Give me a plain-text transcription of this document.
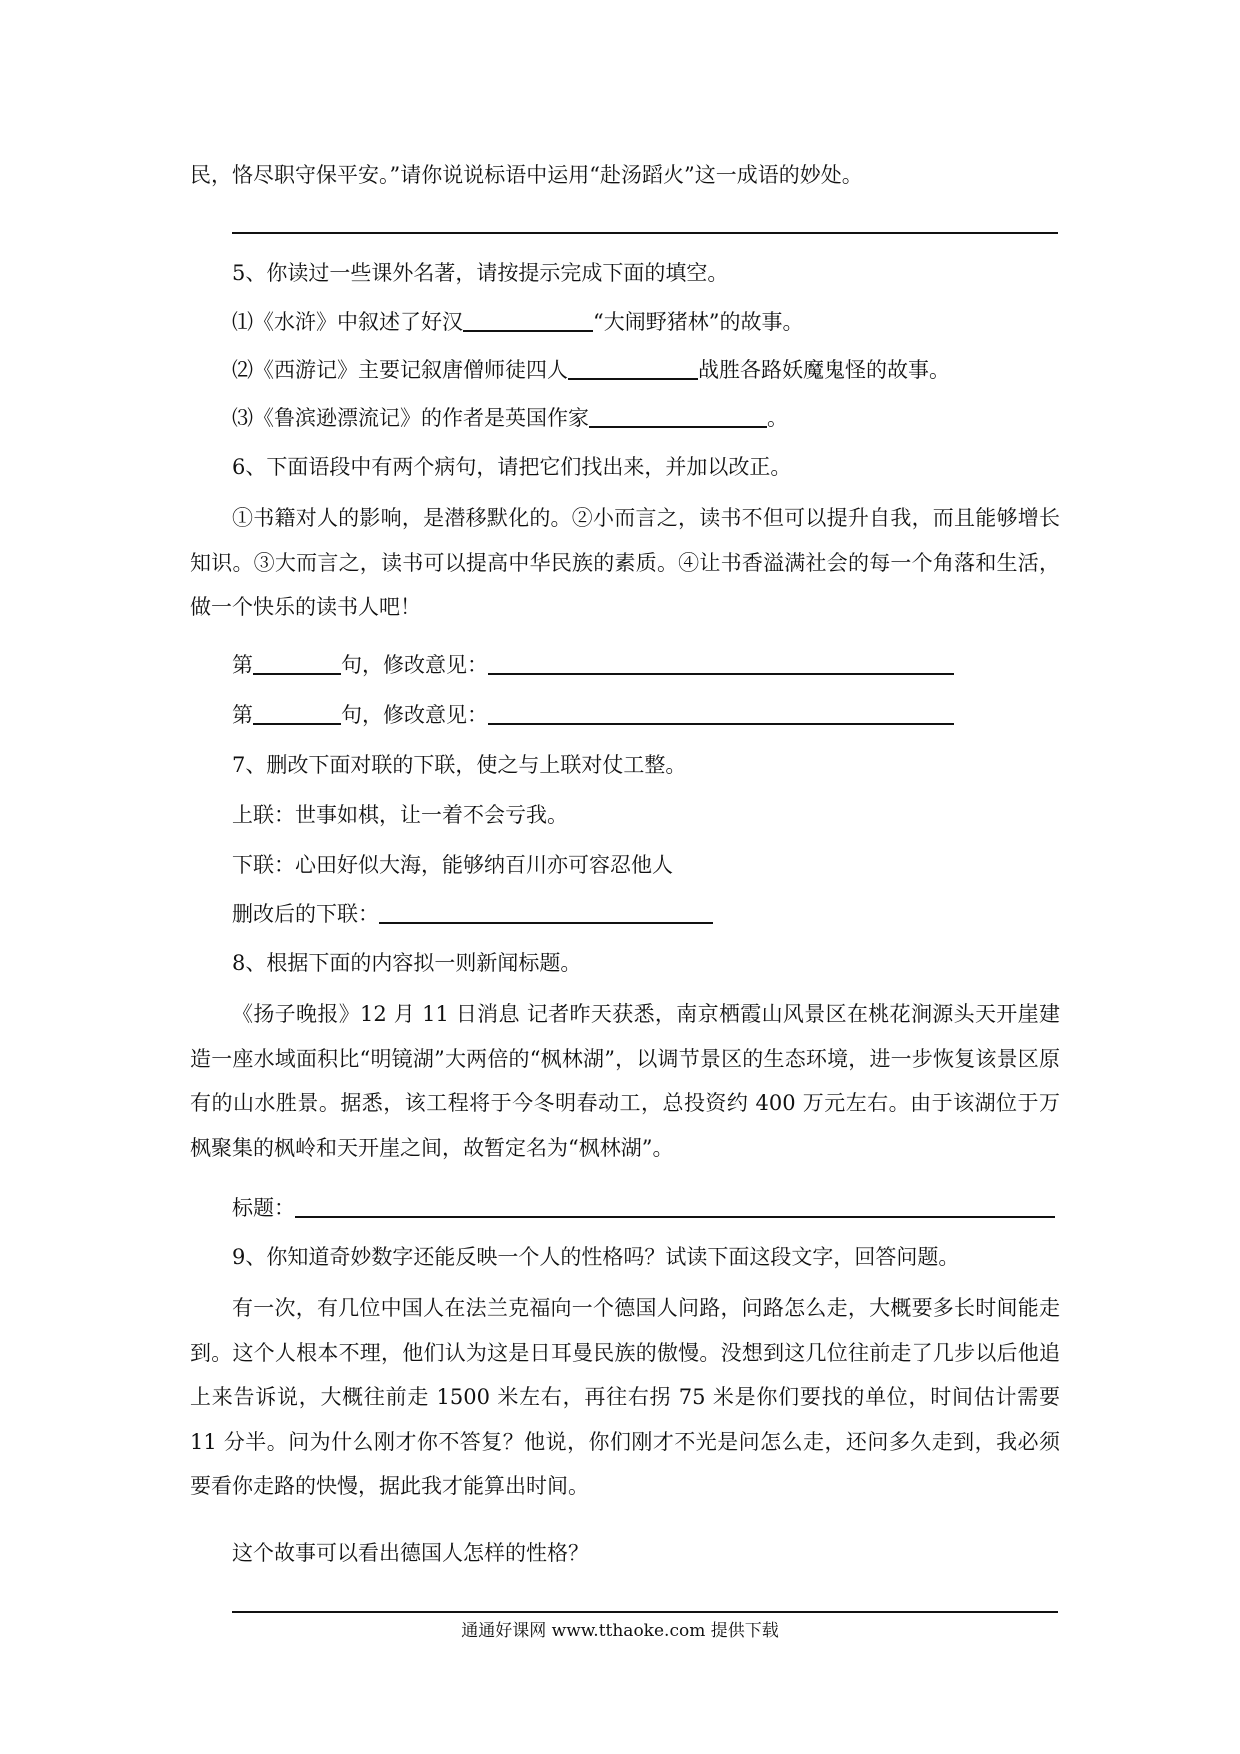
民，恪尽职守保平安。”请你说说标语中运用“赴汤蹈火”这一成语的妙处。
5、你读过一些课外名著，请按提示完成下面的填空。
⑴《水浒》中叙述了好汉	“大闹野猪林”的故事。
⑵《西游记》主要记叙唐僧师徒四人	战胜各路妖魔鬼怪的故事。
⑶《鲁滨逊漂流记》的作者是英国作家	。
6、下面语段中有两个病句，请把它们找出来，并加以改正。
①书籍对人的影响，是潜移默化的。②小而言之，读书不但可以提升自我，而且能够增长知识。③大而言之，读书可以提高中华民族的素质。④让书香溢满社会的每一个角落和生活，做一个快乐的读书人吧！
第	句，修改意见：
第	句，修改意见：
7、删改下面对联的下联，使之与上联对仗工整。
上联：世事如棋，让一着不会亏我。
下联：心田好似大海，能够纳百川亦可容忍他人
删改后的下联：
8、根据下面的内容拟一则新闻标题。
《扬子晚报》12 月 11 日消息 记者昨天获悉，南京栖霞山风景区在桃花涧源头天开崖建造一座水域面积比“明镜湖”大两倍的“枫林湖”，以调节景区的生态环境，进一步恢复该景区原有的山水胜景。据悉，该工程将于今冬明春动工，总投资约 400 万元左右。由于该湖位于万枫聚集的枫岭和天开崖之间，故暂定名为“枫林湖”。
标题：
9、你知道奇妙数字还能反映一个人的性格吗？试读下面这段文字，回答问题。
有一次，有几位中国人在法兰克福向一个德国人问路，问路怎么走，大概要多长时间能走到。这个人根本不理，他们认为这是日耳曼民族的傲慢。没想到这几位往前走了几步以后他追上来告诉说，大概往前走 1500 米左右，再往右拐 75 米是你们要找的单位，时间估计需要 11 分半。问为什么刚才你不答复？他说，你们刚才不光是问怎么走，还问多久走到，我必须要看你走路的快慢，据此我才能算出时间。
这个故事可以看出德国人怎样的性格？
通通好课网 www.tthaoke.com 提供下载
